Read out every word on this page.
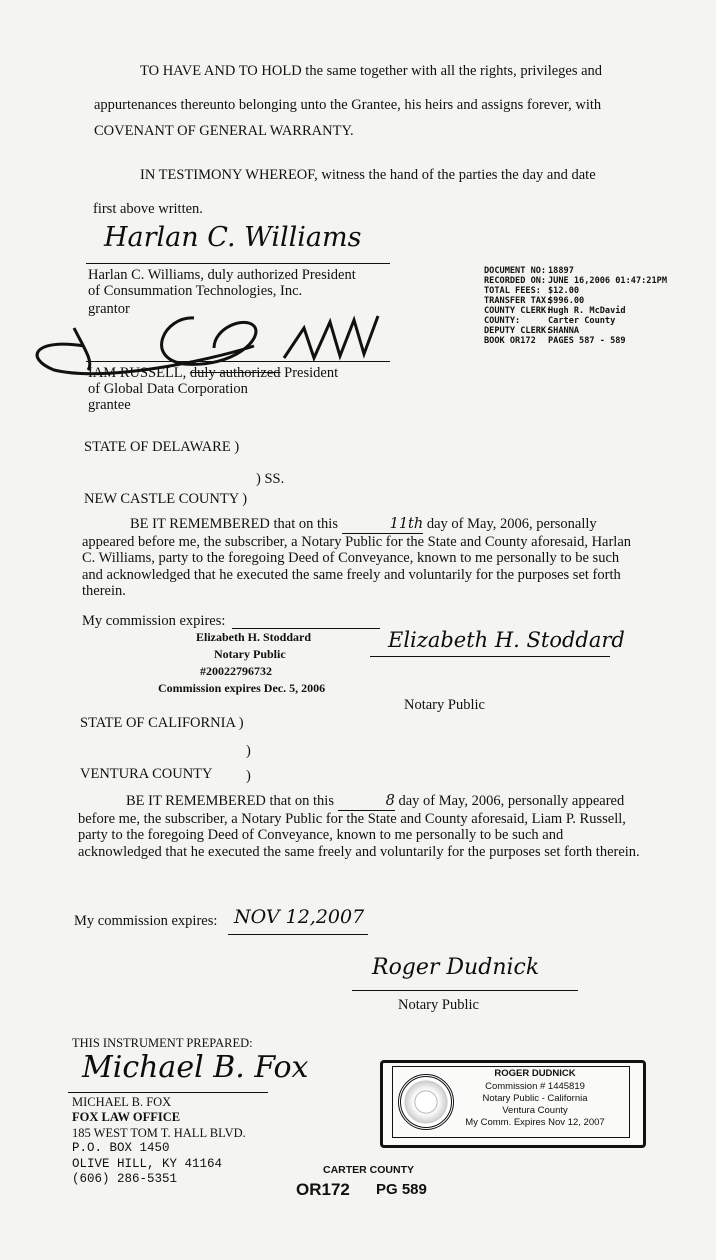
TO HAVE AND TO HOLD the same together with all the rights, privileges and
appurtenances thereunto belonging unto the Grantee, his heirs and assigns forever, with
COVENANT OF GENERAL WARRANTY.
IN TESTIMONY WHEREOF, witness the hand of the parties the day and date
first above written.
Harlan C. Williams
Harlan C. Williams, duly authorized President
of Consummation Technologies, Inc.
grantor
IAM RUSSELL, duly authorized President
of Global Data Corporation
grantee
DOCUMENT NO: 18897
RECORDED ON: JUNE 16,2006 01:47:21PM
TOTAL FEES: $12.00
TRANSFER TAX:$996.00
COUNTY CLERK:Hugh R. McDavid
COUNTY:	Carter County
DEPUTY CLERK:SHANNA
BOOK OR172 PAGES 587 - 589
STATE OF DELAWARE )
) SS.
NEW CASTLE COUNTY )
BE IT REMEMBERED that on this	11th day of May, 2006, personally appeared before me, the subscriber, a Notary Public for the State and County aforesaid, Harlan C. Williams, party to the foregoing Deed of Conveyance, known to me personally to be such and acknowledged that he executed the same freely and voluntarily for the purposes set forth therein.
My commission expires:
Elizabeth H. Stoddard
Notary Public
#20022796732
Commission expires Dec. 5, 2006
Elizabeth H. Stoddard
Notary Public
STATE OF CALIFORNIA )
)
VENTURA COUNTY )
BE IT REMEMBERED that on this	8 day of May, 2006, personally appeared before me, the subscriber, a Notary Public for the State and County aforesaid, Liam P. Russell, party to the foregoing Deed of Conveyance, known to me personally to be such and acknowledged that he executed the same freely and voluntarily for the purposes set forth therein.
My commission expires: NOV 12,2007
Roger Dudnick
Notary Public
THIS INSTRUMENT PREPARED:
Michael B. Fox
MICHAEL B. FOX
FOX LAW OFFICE
185 WEST TOM T. HALL BLVD.
P.O. BOX 1450
OLIVE HILL, KY 41164
(606) 286-5351
ROGER DUDNICK
Commission # 1445819
Notary Public - California
Ventura County
My Comm. Expires Nov 12, 2007
CARTER COUNTY
OR172 PG 589
